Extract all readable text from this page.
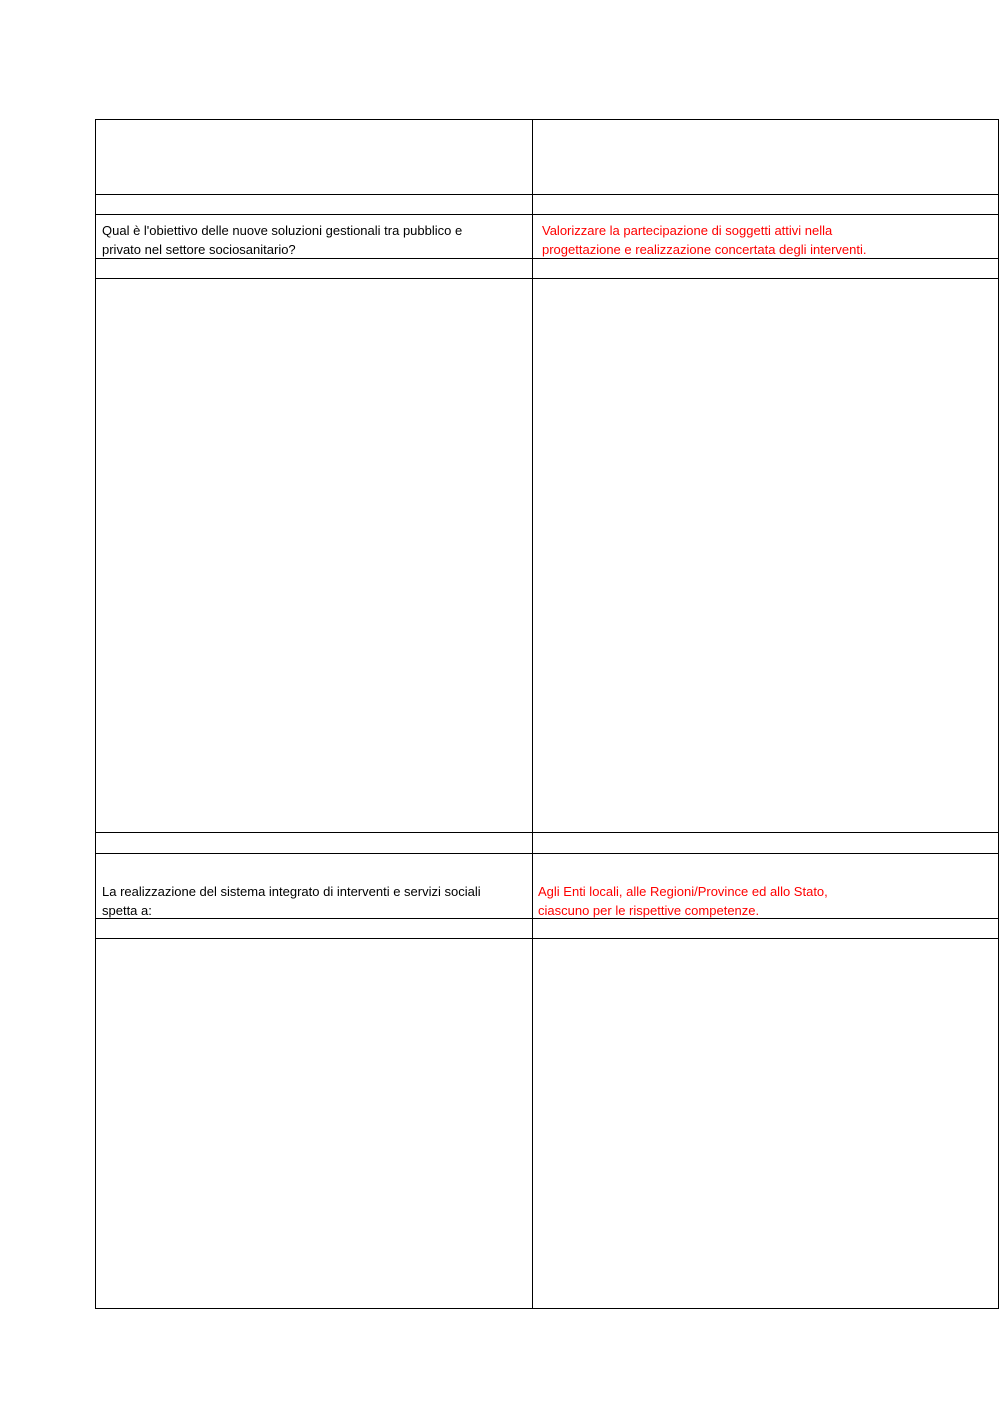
Qual è l'obiettivo delle nuove soluzioni gestionali tra pubblico e
privato nel settore sociosanitario?
Valorizzare la partecipazione di soggetti attivi nella
progettazione e realizzazione concertata degli interventi.
La realizzazione del sistema integrato di interventi e servizi sociali
spetta a:
Agli Enti locali, alle Regioni/Province ed allo Stato,
ciascuno per le rispettive competenze.
